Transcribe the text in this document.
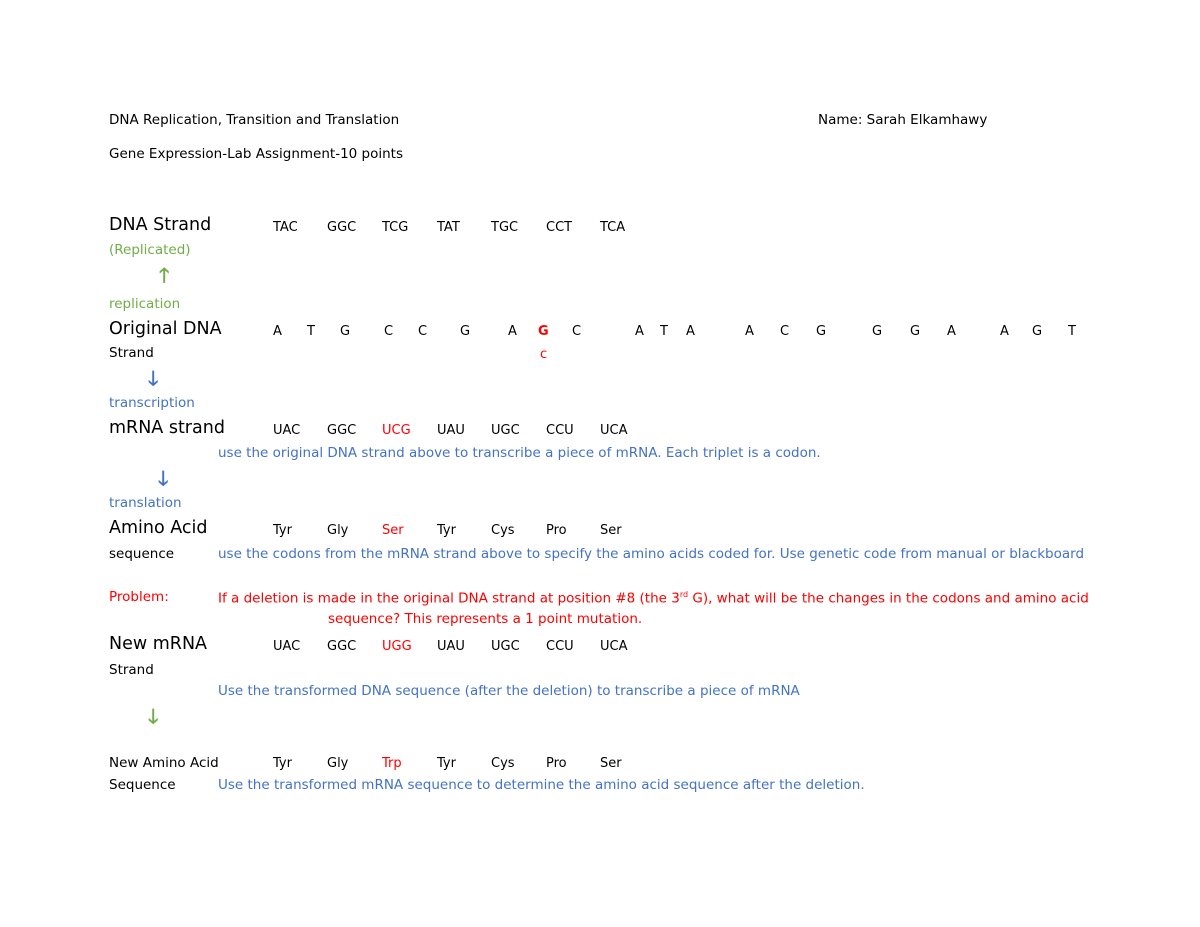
DNA Replication, Transition and Translation	Name: Sarah Elkamhawy
Gene Expression-Lab Assignment-10 points
DNA Strand
(Replicated)
TAC GGC TCG TAT TGC CCT TCA
🡑
replication
Original DNA
Strand
A T G	C C	G	A G C	A T A	A C G	G G A	A G T
c
🡓
transcription
mRNA strand	UAC GGC UCG UAU UGC CCU UCA
use the original DNA strand above to transcribe a piece of mRNA. Each triplet is a codon.
🡓
translation
Amino Acid
sequence
Tyr	Gly	Ser	Tyr	Cys Pro	Ser
use the codons from the mRNA strand above to specify the amino acids coded for. Use genetic code from manual or blackboard
Problem:	If a deletion is made in the original DNA strand at position #8 (the 3rd G), what will be the changes in the codons and amino acid
sequence? This represents a 1 point mutation.
New mRNA
Strand
UAC GGC UGG UAU UGC CCU UCA
Use the transformed DNA sequence (after the deletion) to transcribe a piece of mRNA
🡓
New Amino Acid
Sequence
Tyr	Gly	Trp	Tyr	Cys Pro	Ser
Use the transformed mRNA sequence to determine the amino acid sequence after the deletion.
